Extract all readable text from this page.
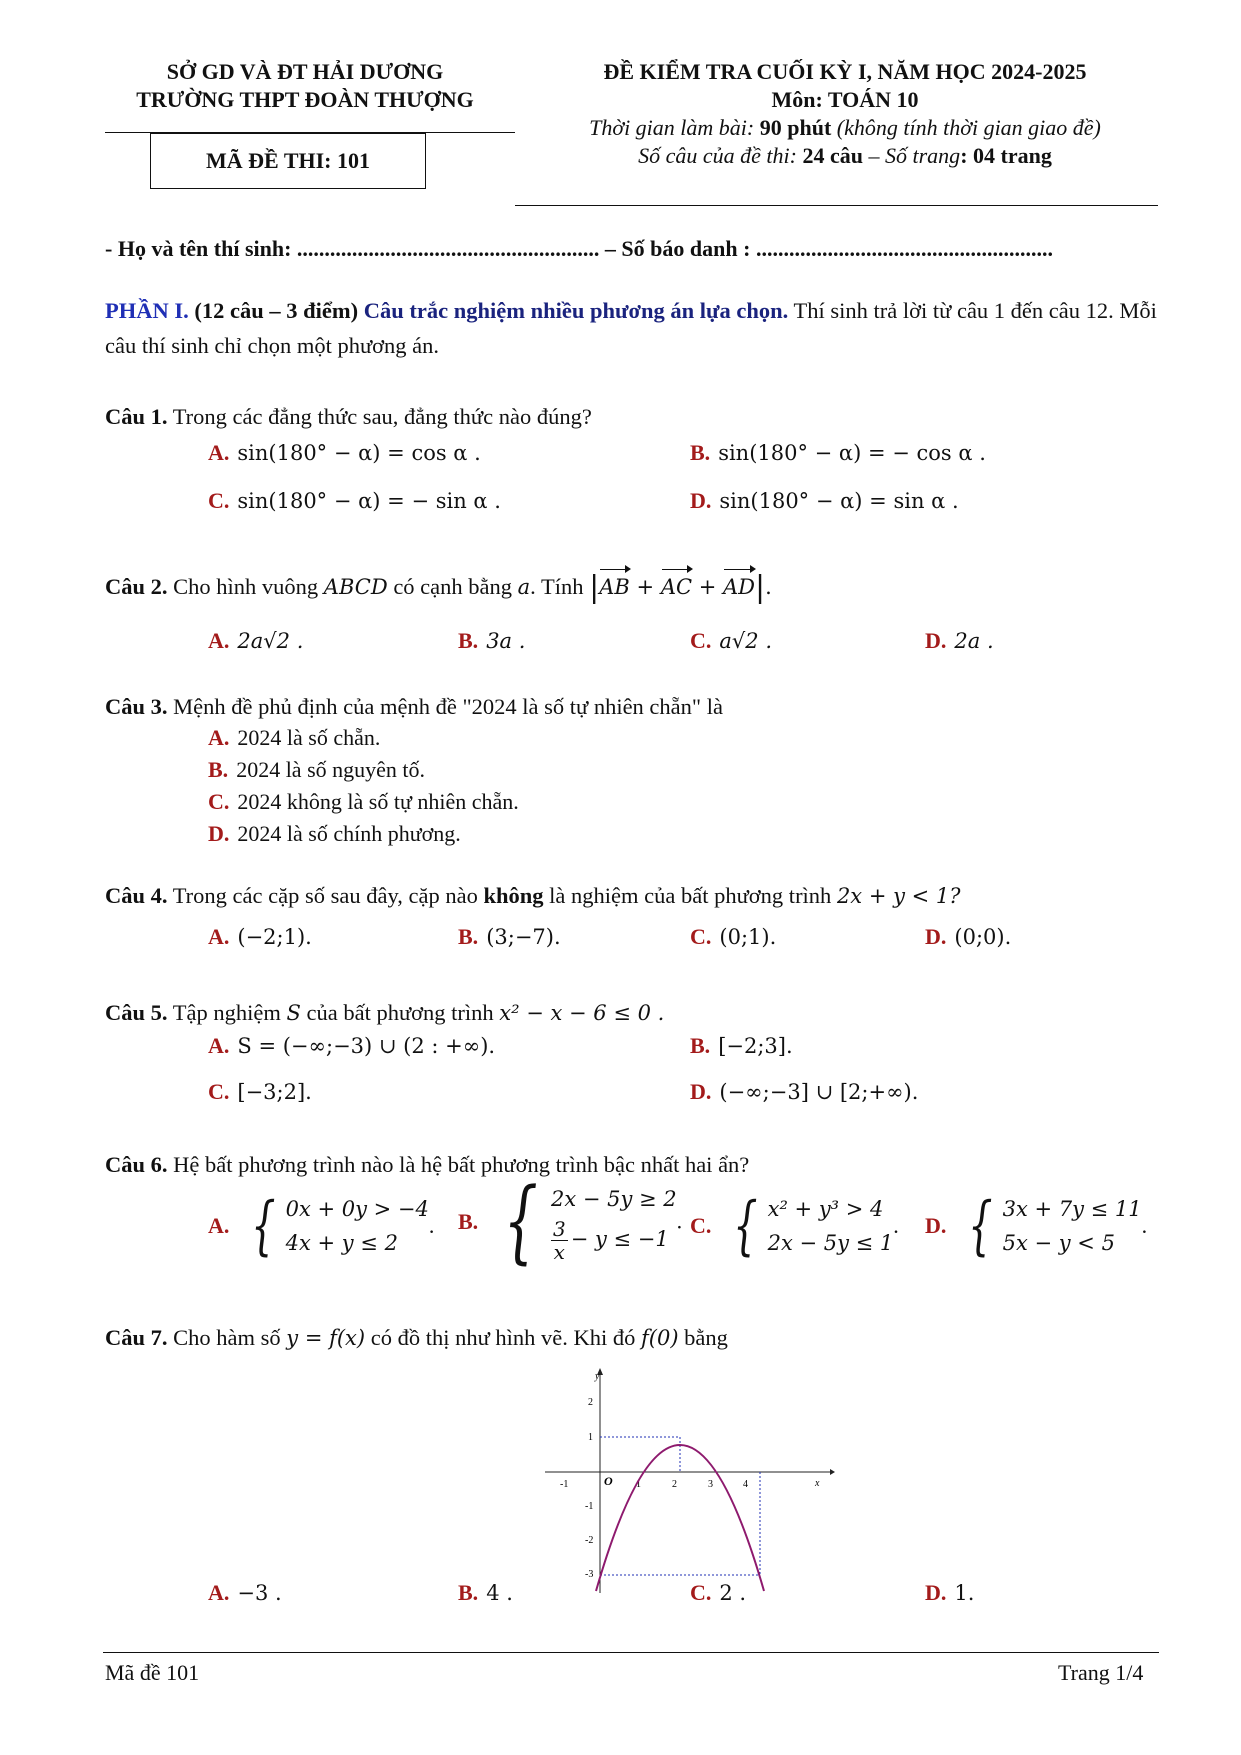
SỞ GD VÀ ĐT HẢI DƯƠNG
TRƯỜNG THPT ĐOÀN THƯỢNG
MÃ ĐỀ THI: 101
ĐỀ KIỂM TRA CUỐI KỲ I, NĂM HỌC 2024-2025
Môn: TOÁN 10
Thời gian làm bài: 90 phút (không tính thời gian giao đề)
Số câu của đề thi: 24 câu – Số trang: 04 trang
- Họ và tên thí sinh: ....................................................... – Số báo danh : ......................................................
PHẦN I. (12 câu – 3 điểm) Câu trắc nghiệm nhiều phương án lựa chọn. Thí sinh trả lời từ câu 1 đến câu 12. Mỗi câu thí sinh chỉ chọn một phương án.
Câu 1. Trong các đẳng thức sau, đẳng thức nào đúng?
A. sin(180° − α) = cos α .	B. sin(180° − α) = − cos α .
C. sin(180° − α) = − sin α .	D. sin(180° − α) = sin α .
Câu 2. Cho hình vuông ABCD có cạnh bằng a. Tính |AB + AC + AD|.
A. 2a√2 .	B. 3a .	C. a√2 .	D. 2a .
Câu 3. Mệnh đề phủ định của mệnh đề "2024 là số tự nhiên chẵn" là
A. 2024 là số chẵn.
B. 2024 là số nguyên tố.
C. 2024 không là số tự nhiên chẵn.
D. 2024 là số chính phương.
Câu 4. Trong các cặp số sau đây, cặp nào không là nghiệm của bất phương trình 2x + y < 1?
A. (−2;1).	B. (3;−7).	C. (0;1).	D. (0;0).
Câu 5. Tập nghiệm S của bất phương trình x² − x − 6 ≤ 0 .
A. S = (−∞;−3) ∪ (2 : +∞).	B. [−2;3].
C. [−3;2].	D. (−∞;−3] ∪ [2;+∞).
Câu 6. Hệ bất phương trình nào là hệ bất phương trình bậc nhất hai ẩn?
A. { 0x + 0y > −4
4x + y ≤ 2
. B. { 2x − 5y ≥ 2
$\frac{3}{x} - y \le -1$
. C. { x² + y³ > 4
2x − 5y ≤ 1
. D. { 3x + 7y ≤ 11
5x − y < 5
.
Câu 7. Cho hàm số y = f(x) có đồ thị như hình vẽ. Khi đó f(0) bằng
y
x
O
-1	1	2	3	4
2
1
-1
-2
-3
A. −3 .	B. 4 .	C. 2 .	D. 1.
Mã đề 101	Trang 1/4
